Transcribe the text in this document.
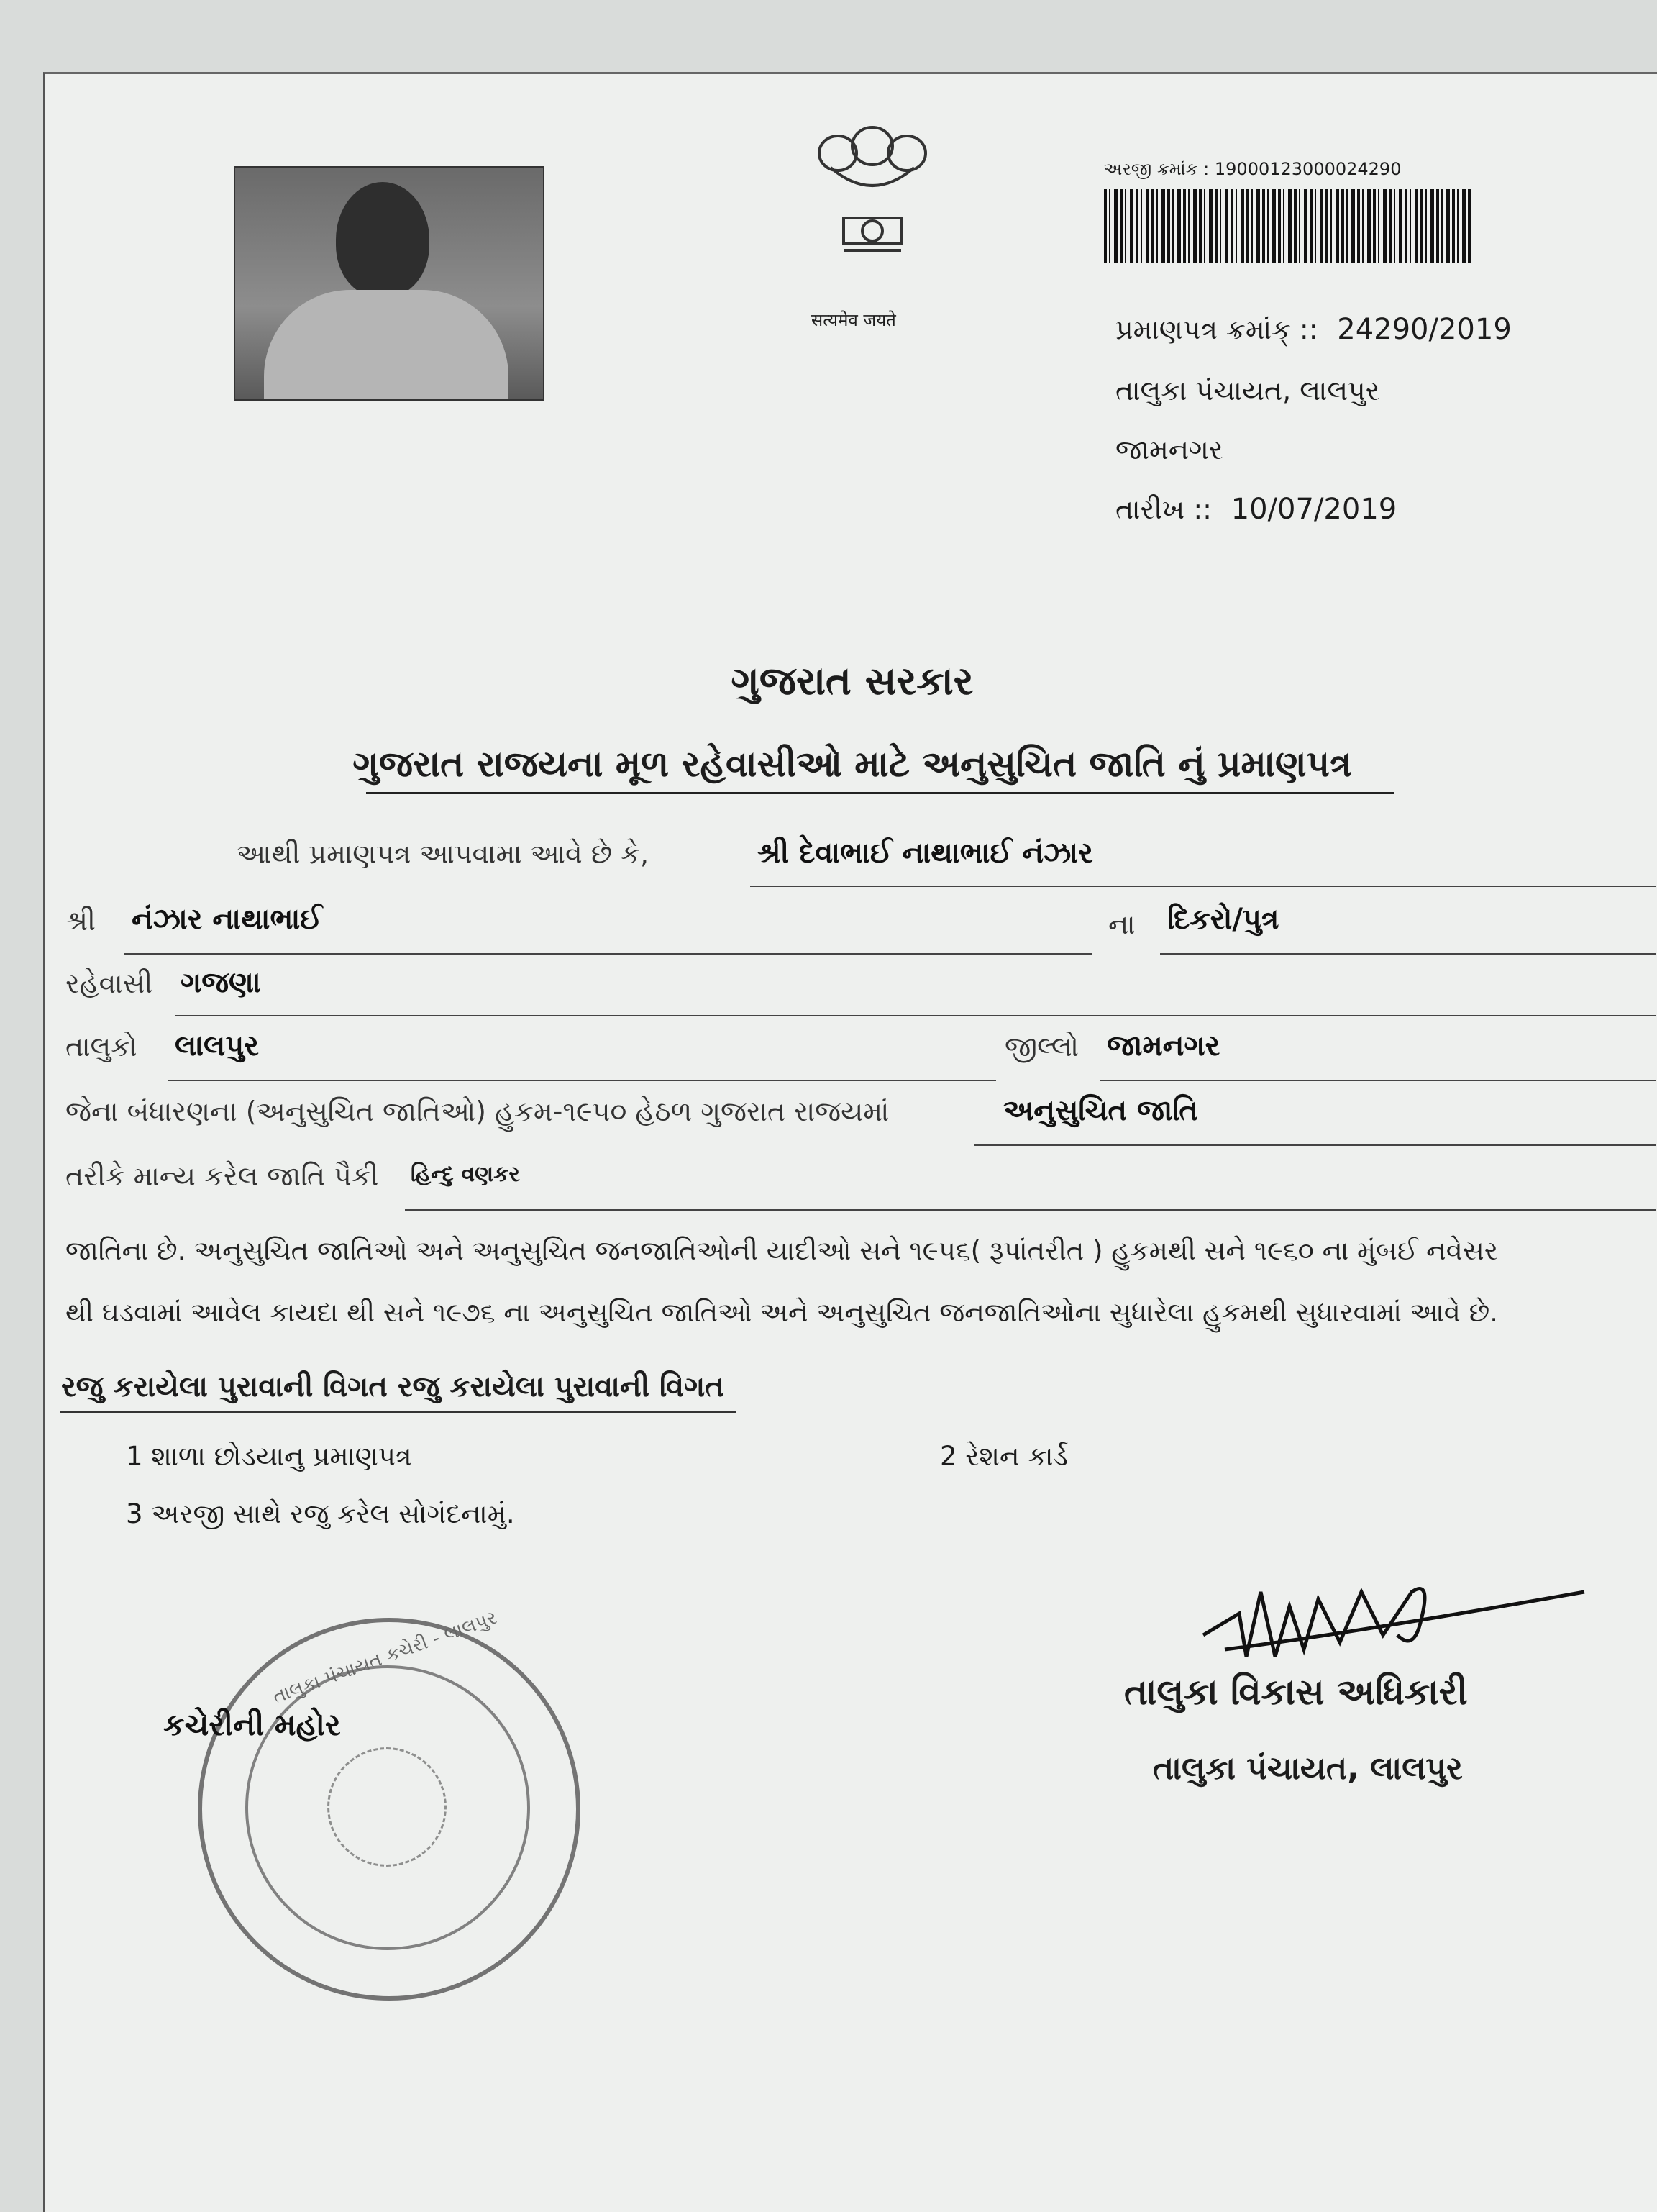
सत्यमेव जयते
અરજી ક્રમાંક : 19000123000024290
પ્રમાણપત્ર ક્રમાંક્ :: 24290/2019
તાલુકા પંચાયત, લાલપુર
જામનગર
તારીખ :: 10/07/2019
ગુજરાત સરકાર
ગુજરાત રાજયના મૂળ રહેવાસીઓ માટે અનુસુચિત જાતિ નું પ્રમાણપત્ર
આથી પ્રમાણપત્ર આપવામા આવે છે કે,	શ્રી દેવાભાઈ નાથાભાઈ નંઝાર
શ્રી નંઝાર નાથાભાઈ	ના દિકરો/પુત્ર
રહેવાસી ગજણા
તાલુકો લાલપુર	જીલ્લો જામનગર
જેના બંધારણના (અનુસુચિત જાતિઓ) હુકમ-૧૯૫૦ હેઠળ ગુજરાત રાજયમાં	અનુસુચિત જાતિ
તરીકે માન્ય કરેલ જાતિ પૈકી હિન્દુ વણકર
જાતિના છે. અનુસુચિત જાતિઓ અને અનુસુચિત જનજાતિઓની યાદીઓ સને ૧૯૫૬( રૂપાંતરીત ) હુકમથી સને ૧૯૬૦ ના મુંબઈ નવેસર
થી ઘડવામાં આવેલ કાયદા થી સને ૧૯૭૬ ના અનુસુચિત જાતિઓ અને અનુસુચિત જનજાતિઓના સુધારેલા હુકમથી સુધારવામાં આવે છે.
રજુ કરાયેલા પુરાવાની વિગત રજુ કરાયેલા પુરાવાની વિગત
1 શાળા છોડયાનુ પ્રમાણપત્ર	2 રેશન કાર્ડ
3 અરજી સાથે રજુ કરેલ સોગંદનામું.
તાલુકા પંચાયત કચેરી - લાલપુર
કચેરીની મહોર
તાલુકા વિકાસ અધિકારી
તાલુકા પંચાયત, લાલપુર
